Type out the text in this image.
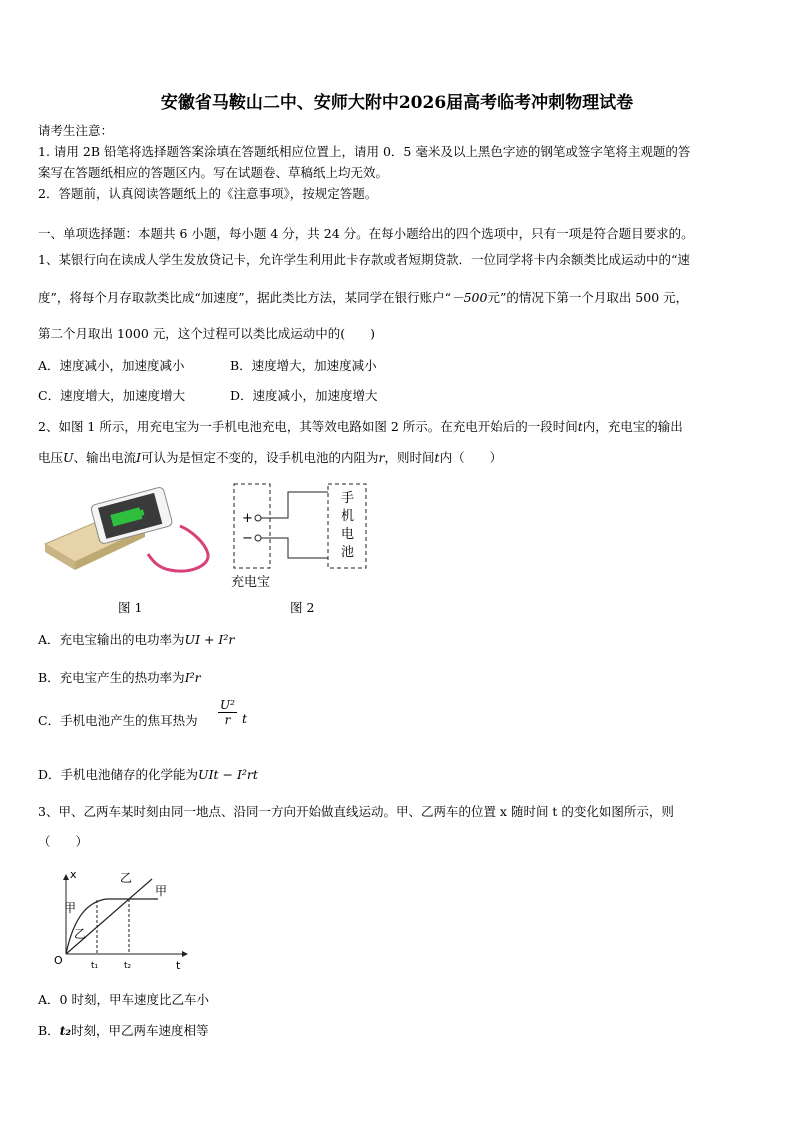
安徽省马鞍山二中、安师大附中2026届高考临考冲刺物理试卷
请考生注意：
1. 请用 2B 铅笔将选择题答案涂填在答题纸相应位置上，请用 0．5 毫米及以上黑色字迹的钢笔或签字笔将主观题的答
案写在答题纸相应的答题区内。写在试题卷、草稿纸上均无效。
2．答题前，认真阅读答题纸上的《注意事项》，按规定答题。
一、单项选择题：本题共 6 小题，每小题 4 分，共 24 分。在每小题给出的四个选项中，只有一项是符合题目要求的。
1、某银行向在读成人学生发放贷记卡，允许学生利用此卡存款或者短期贷款．一位同学将卡内余额类比成运动中的“速
度”，将每个月存取款类比成“加速度”，据此类比方法，某同学在银行账户“－500元”的情况下第一个月取出 500 元，
第二个月取出 1000 元，这个过程可以类比成运动中的(　　)
A．速度减小，加速度减小	B．速度增大，加速度减小
C．速度增大，加速度增大	D．速度减小，加速度增大
2、如图 1 所示，用充电宝为一手机电池充电，其等效电路如图 2 所示。在充电开始后的一段时间t内，充电宝的输出
电压U、输出电流I可认为是恒定不变的，设手机电池的内阻为r，则时间t内（　　）
图 1
+
−
手
机
电
池
充电宝
图 2
A．充电宝输出的电功率为UI + I²r
B．充电宝产生的热功率为I²r
C．手机电池产生的焦耳热为 $\frac{\text{U²}}{r}$ t
D．手机电池储存的化学能为UIt − I²rt
3、甲、乙两车某时刻由同一地点、沿同一方向开始做直线运动。甲、乙两车的位置 x 随时间 t 的变化如图所示，则
（　　）
O
x
t
t₁	t₂
甲
甲
乙
乙
A．0 时刻，甲车速度比乙车小
B．t₂时刻，甲乙两车速度相等
